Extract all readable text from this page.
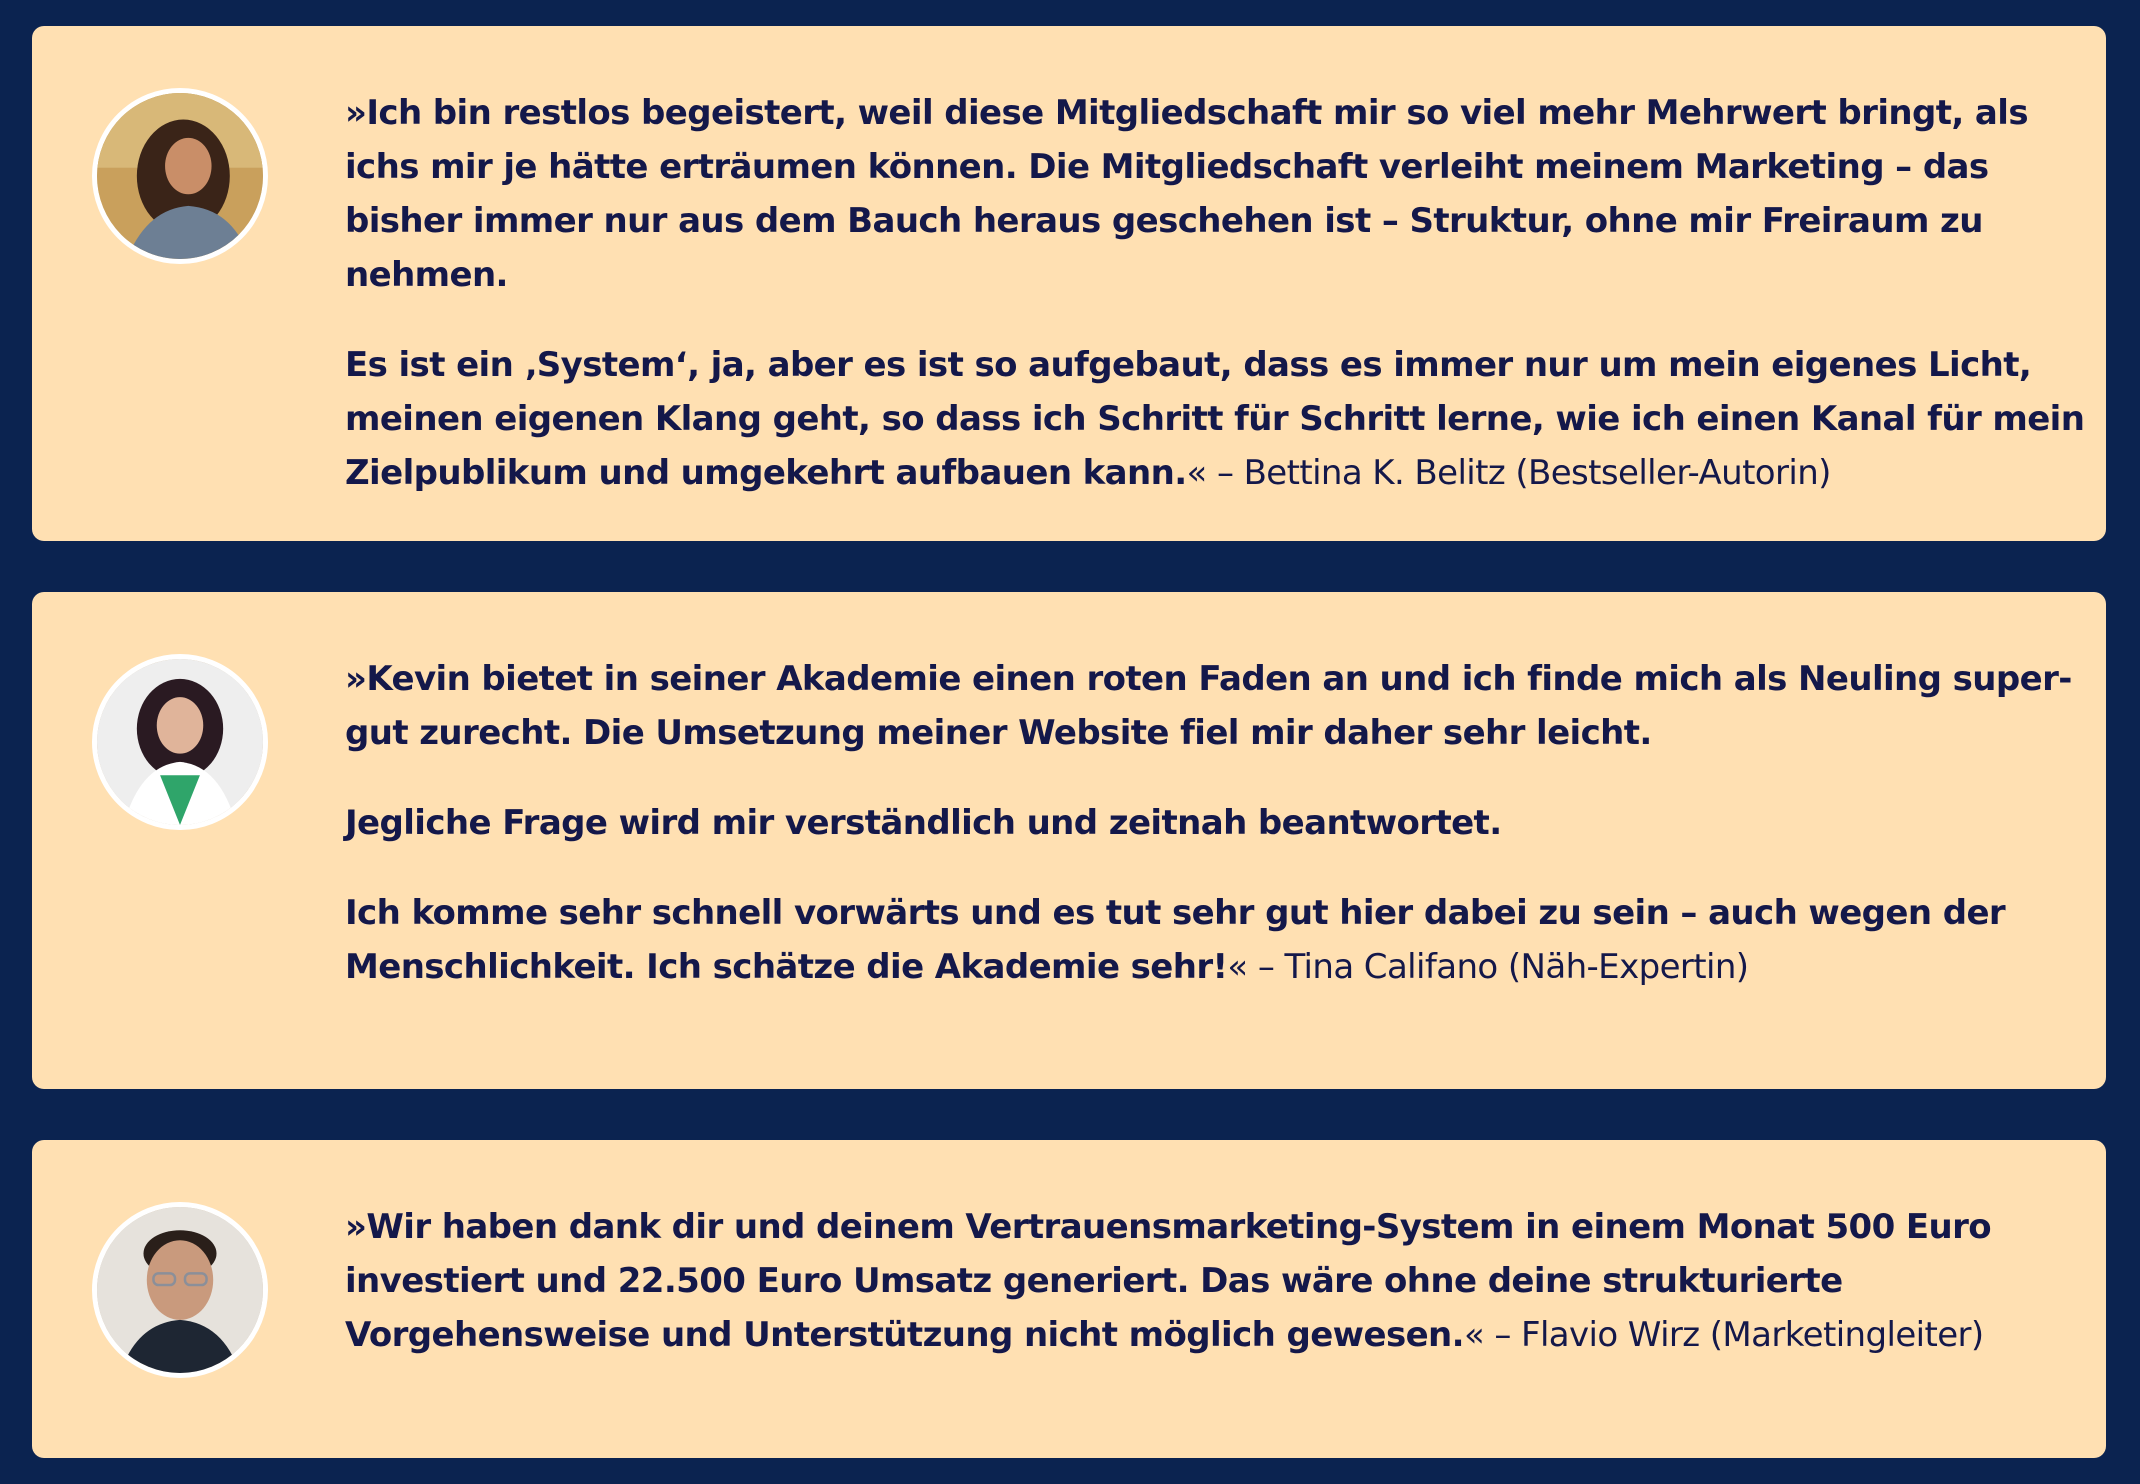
»Ich bin restlos begeistert, weil diese Mitgliedschaft mir so viel mehr Mehrwert bringt, als ichs mir je hätte erträumen können. Die Mitgliedschaft verleiht meinem Marketing – das bisher immer nur aus dem Bauch heraus geschehen ist – Struktur, ohne mir Freiraum zu nehmen.

Es ist ein ‚System‘, ja, aber es ist so aufgebaut, dass es immer nur um mein eigenes Licht, meinen eigenen Klang geht, so dass ich Schritt für Schritt lerne, wie ich einen Kanal für mein Zielpublikum und umgekehrt aufbauen kann.« – Bettina K. Belitz (Bestseller-Autorin)

»Kevin bietet in seiner Akademie einen roten Faden an und ich finde mich als Neuling super-gut zurecht. Die Umsetzung meiner Website fiel mir daher sehr leicht.

Jegliche Frage wird mir verständlich und zeitnah beantwortet.

Ich komme sehr schnell vorwärts und es tut sehr gut hier dabei zu sein – auch wegen der Menschlichkeit. Ich schätze die Akademie sehr!« – Tina Califano (Näh-Expertin)

»Wir haben dank dir und deinem Vertrauensmarketing-System in einem Monat 500 Euro investiert und 22.500 Euro Umsatz generiert. Das wäre ohne deine strukturierte Vorgehensweise und Unterstützung nicht möglich gewesen.« – Flavio Wirz (Marketingleiter)
